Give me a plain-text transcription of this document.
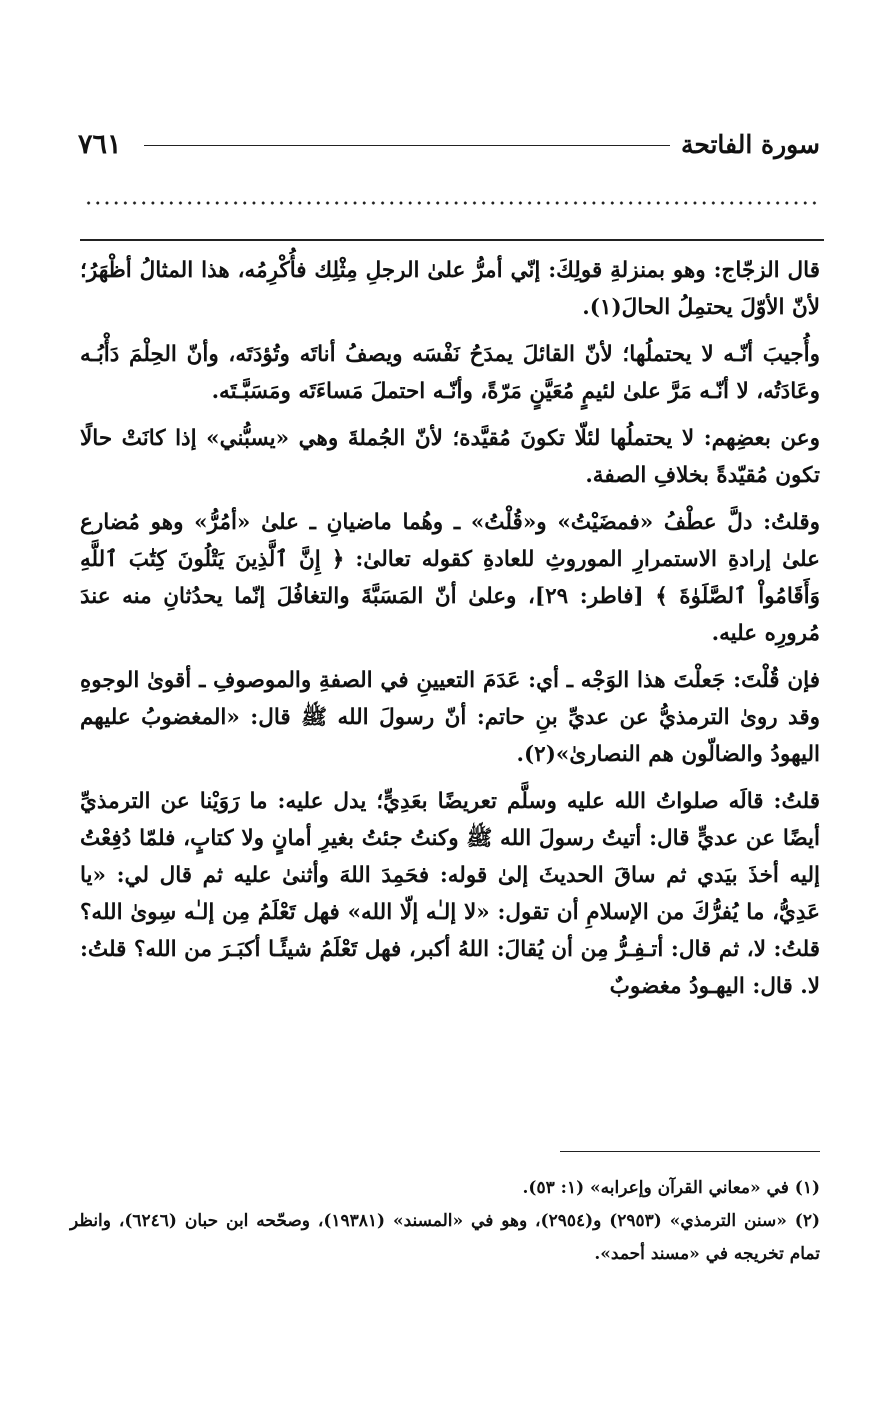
سورة الفاتحة
٧٦١

قال الزجّاج: وهو بمنزلةِ قولِكَ: إنّي أمرُّ علىٰ الرجلِ مِثْلِك فأُكْرِمُه، هذا المثالُ أظْهَرُ؛ لأنّ الأوّلَ يحتمِلُ الحالَ(١).

وأُجيبَ أنّـه لا يحتملُها؛ لأنّ القائلَ يمدَحُ نَفْسَه ويصفُ أناتَه وتُؤدَتَه، وأنّ الحِلْمَ دَأْبُـه وعَادَتُه، لا أنّـه مَرَّ علىٰ لئيمٍ مُعَيَّنٍ مَرّةً، وأنّـه احتملَ مَساءَتَه ومَسَبَّـتَه.

وعن بعضِهم: لا يحتملُها لئلّا تكونَ مُقيَّدة؛ لأنّ الجُملةَ وهي «يسبُّني» إذا كانَتْ حالًا تكون مُقيّدةً بخلافِ الصفة.

وقلتُ: دلَّ عطْفُ «فمضَيْتُ» و«قُلْتُ» ـ وهُما ماضيانِ ـ علىٰ «أمُرُّ» وهو مُضارع علىٰ إرادةِ الاستمرارِ الموروثِ للعادةِ كقوله تعالىٰ: ﴿ إِنَّ ٱلَّذِينَ يَتْلُونَ كِتَٰبَ ٱللَّهِ وَأَقَامُواْ ٱلصَّلَوٰةَ ﴾ [فاطر: ٢٩]، وعلىٰ أنّ المَسَبَّةَ والتغافُلَ إنّما يحدُثانِ منه عندَ مُرورِه عليه.

فإن قُلْتَ: جَعلْتَ هذا الوَجْه ـ أي: عَدَمَ التعيينِ في الصفةِ والموصوفِ ـ أقوىٰ الوجوهِ وقد روىٰ الترمذيُّ عن عديِّ بنِ حاتم: أنّ رسولَ الله ﷺ قال: «المغضوبُ عليهم اليهودُ والضالّون هم النصارىٰ»(٢).

قلتُ: قالَه صلواتُ الله عليه وسلَّم تعريضًا بعَدِيٍّ؛ يدل عليه: ما رَوَيْنا عن الترمذيِّ أيضًا عن عديٍّ قال: أتيتُ رسولَ الله ﷺ وكنتُ جئتُ بغيرِ أمانٍ ولا كتابٍ، فلمّا دُفِعْتُ إليه أخذَ بيَدي ثم ساقَ الحديثَ إلىٰ قوله: فحَمِدَ اللهَ وأثنىٰ عليه ثم قال لي: «يا عَدِيُّ، ما يُفرُّكَ من الإسلامِ أن تقول: «لا إلـٰه إلّا الله» فهل تَعْلَمُ مِن إلـٰه سِوىٰ الله؟ قلتُ: لا، ثم قال: أتـفِـرُّ مِن أن يُقالَ: اللهُ أكبر، فهل تَعْلَمُ شيئًـا أكبَـرَ من الله؟ قلتُ: لا. قال: اليهـودُ مغضوبٌ

(١) في «معاني القرآن وإعرابه» (١: ٥٣).

(٢) «سنن الترمذي» (٢٩٥٣) و(٢٩٥٤)، وهو في «المسند» (١٩٣٨١)، وصحّحه ابن حبان (٦٢٤٦)، وانظر تمام تخريجه في «مسند أحمد».
